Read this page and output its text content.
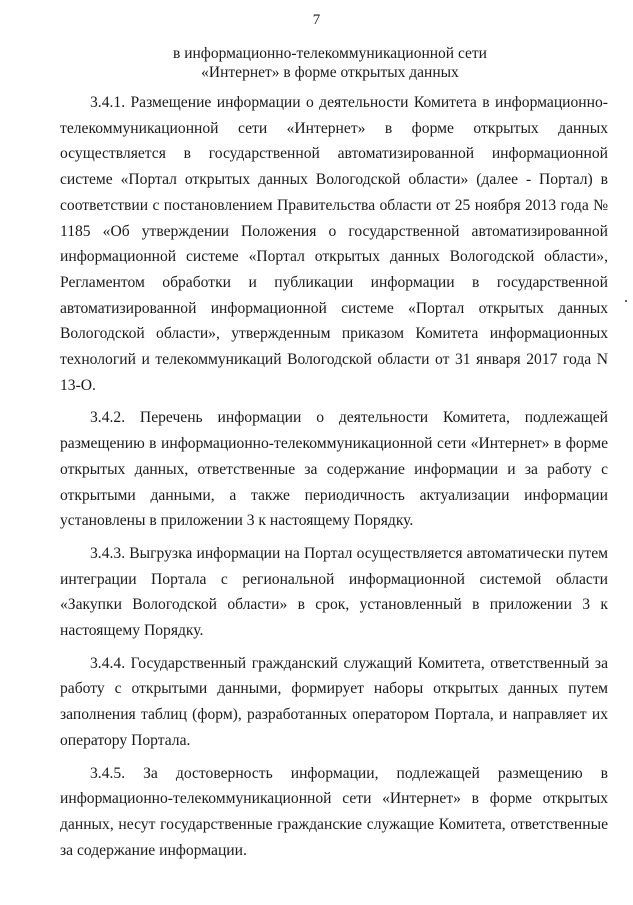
7
в информационно-телекоммуникационной сети
«Интернет» в форме открытых данных

3.4.1. Размещение информации о деятельности Комитета в информационно-телекоммуникационной сети «Интернет» в форме открытых данных осуществляется в государственной автоматизированной информационной системе «Портал открытых данных Вологодской области» (далее - Портал) в соответствии с постановлением Правительства области от 25 ноября 2013 года № 1185 «Об утверждении Положения о государственной автоматизированной информационной системе «Портал открытых данных Вологодской области», Регламентом обработки и публикации информации в государственной автоматизированной информационной системе «Портал открытых данных Вологодской области», утвержденным приказом Комитета информационных технологий и телекоммуникаций Вологодской области от 31 января 2017 года N 13-О.

3.4.2. Перечень информации о деятельности Комитета, подлежащей размещению в информационно-телекоммуникационной сети «Интернет» в форме открытых данных, ответственные за содержание информации и за работу с открытыми данными, а также периодичность актуализации информации установлены в приложении 3 к настоящему Порядку.

3.4.3. Выгрузка информации на Портал осуществляется автоматически путем интеграции Портала с региональной информационной системой области «Закупки Вологодской области» в срок, установленный в приложении 3 к настоящему Порядку.

3.4.4. Государственный гражданский служащий Комитета, ответственный за работу с открытыми данными, формирует наборы открытых данных путем заполнения таблиц (форм), разработанных оператором Портала, и направляет их оператору Портала.

3.4.5. За достоверность информации, подлежащей размещению в информационно-телекоммуникационной сети «Интернет» в форме открытых данных, несут государственные гражданские служащие Комитета, ответственные за содержание информации.
